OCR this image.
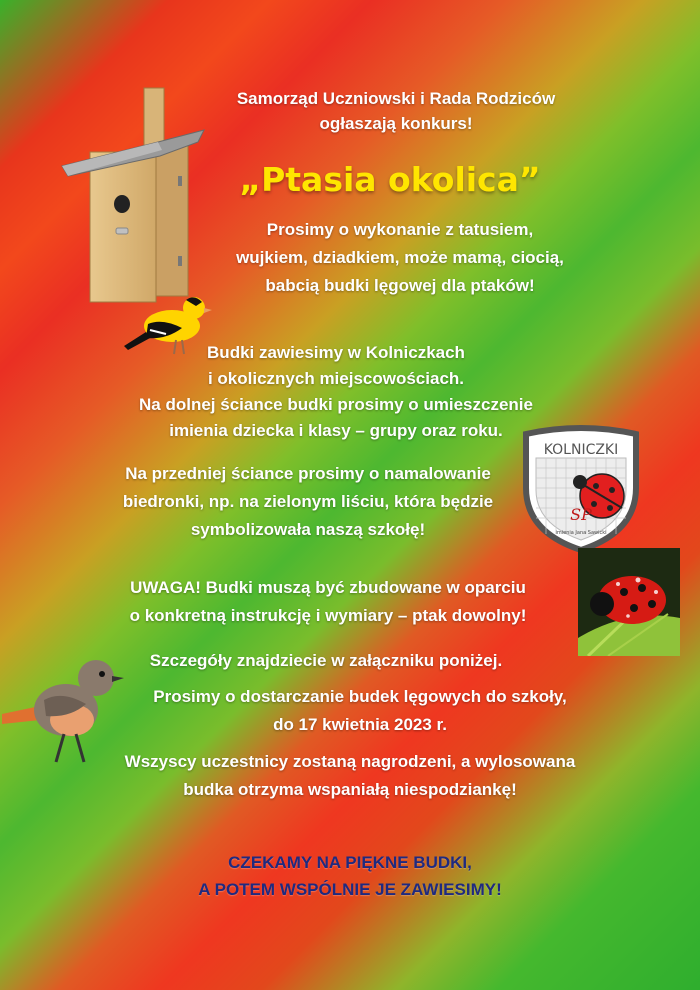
KOLNICZKI
SP
imienia Jana Sawicki
Samorząd Uczniowski i Rada Rodziców
ogłaszają konkurs!
„Ptasia okolica”
Prosimy o wykonanie z tatusiem,
wujkiem, dziadkiem, może mamą, ciocią,
babcią budki lęgowej dla ptaków!
Budki zawiesimy w Kolniczkach
i okolicznych miejscowościach.
Na dolnej ściance budki prosimy o umieszczenie
imienia dziecka i klasy – grupy oraz roku.
Na przedniej ściance prosimy o namalowanie
biedronki, np. na zielonym liściu, która będzie
symbolizowała naszą szkołę!
UWAGA! Budki muszą być zbudowane w oparciu
o konkretną instrukcję i wymiary – ptak dowolny!
Szczegóły znajdziecie w załączniku poniżej.
Prosimy o dostarczanie budek lęgowych do szkoły,
do 17 kwietnia 2023 r.
Wszyscy uczestnicy zostaną nagrodzeni, a wylosowana
budka otrzyma wspaniałą niespodziankę!
CZEKAMY NA PIĘKNE BUDKI,
A POTEM WSPÓLNIE JE ZAWIESIMY!
